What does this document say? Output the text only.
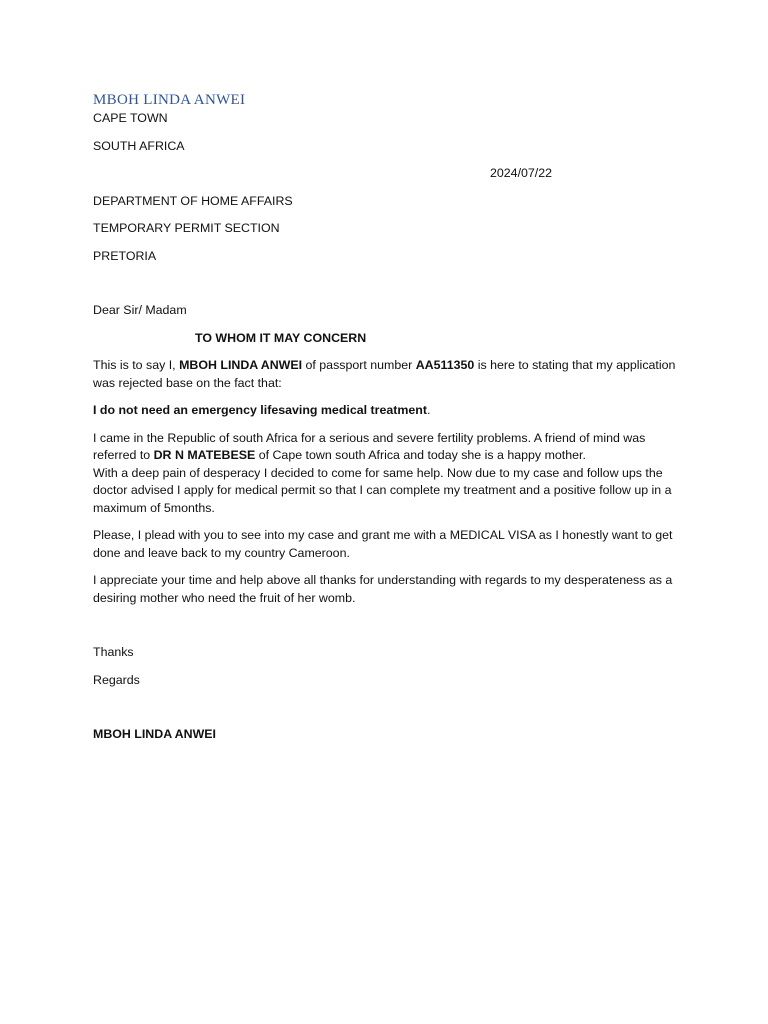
MBOH LINDA ANWEI
CAPE TOWN
SOUTH AFRICA
2024/07/22
DEPARTMENT OF HOME AFFAIRS
TEMPORARY PERMIT SECTION
PRETORIA
Dear Sir/ Madam
TO WHOM IT MAY CONCERN

This is to say I, MBOH LINDA ANWEI of passport number AA511350 is here to stating that my application was rejected base on the fact that:

I do not need an emergency lifesaving medical treatment.

I came in the Republic of south Africa for a serious and severe fertility problems. A friend of mind was referred to DR N MATEBESE of Cape town south Africa and today she is a happy mother.
With a deep pain of desperacy I decided to come for same help. Now due to my case and follow ups the doctor advised I apply for medical permit so that I can complete my treatment and a positive follow up in a maximum of 5months.

Please, I plead with you to see into my case and grant me with a MEDICAL VISA as I honestly want to get done and leave back to my country Cameroon.

I appreciate your time and help above all thanks for understanding with regards to my desperateness as a desiring mother who need the fruit of her womb.

Thanks
Regards
MBOH LINDA ANWEI
